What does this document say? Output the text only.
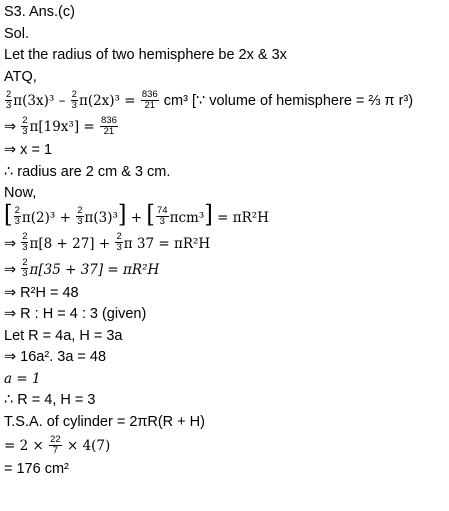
S3. Ans.(c)
Sol.
Let the radius of two hemisphere be 2x & 3x
ATQ,
$\frac{2}{3} \pi(3x)^3 - \frac{2}{3} \pi(2x)^3 = \frac{836}{21} cm^3$ [∵ volume of hemisphere = ⅔ π r³)
⇒ $\frac{2}{3} \pi[19x^3] = \frac{836}{21}$
⇒ x = 1
∴ radius are 2 cm & 3 cm.
Now,
[ $\frac{2}{3} \pi(2)^3 + \frac{2}{3} \pi(3)^3$] + [ $\frac{74}{3} \pi cm^3] = \pi R^2H$
⇒ $\frac{2}{3} \pi[8 + 27] + \frac{2}{3}$ π 37 = πR²H
⇒ $\frac{2}{3} \pi[35 + 37] = \pi R^2H$
⇒ R²H = 48
⇒ R : H = 4 : 3 (given)
Let R = 4a, H = 3a
⇒ 16a². 3a = 48
a = 1
∴ R = 4, H = 3
T.S.A. of cylinder = 2πR(R + H)
= $2 \times \frac{22}{7} \times 4(7)$
= 176 cm²
